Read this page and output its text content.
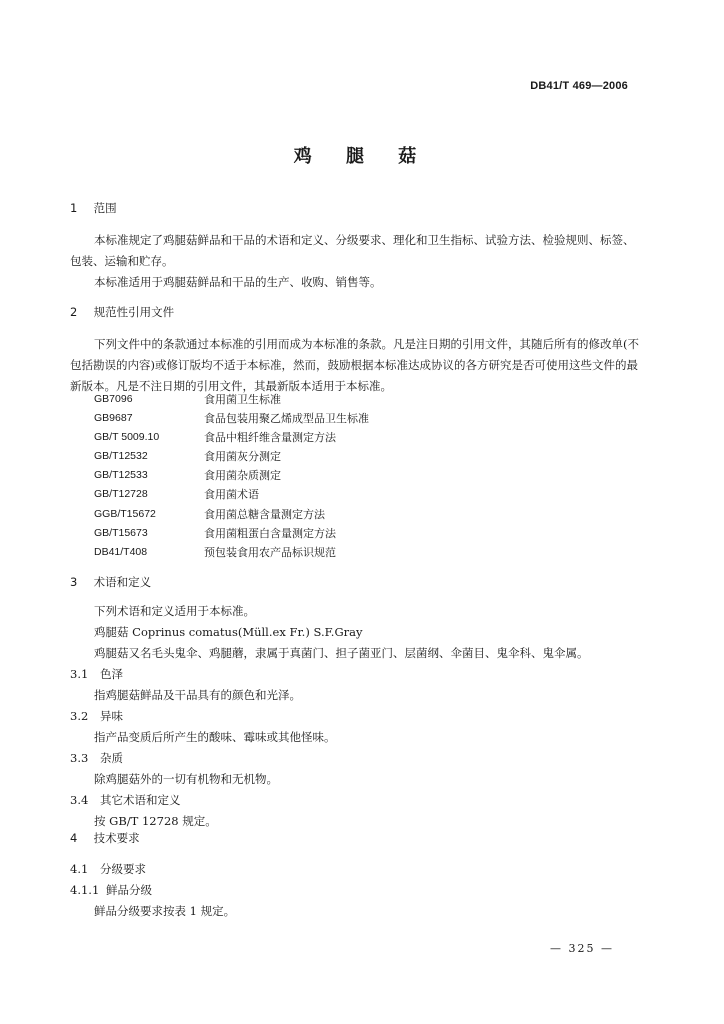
DB41/T 469—2006
鸡 腿 菇
1 范围
本标准规定了鸡腿菇鲜品和干品的术语和定义、分级要求、理化和卫生指标、试验方法、检验规则、标签、包装、运输和贮存。
本标准适用于鸡腿菇鲜品和干品的生产、收购、销售等。
2 规范性引用文件
下列文件中的条款通过本标准的引用而成为本标准的条款。凡是注日期的引用文件，其随后所有的修改单(不包括勘误的内容)或修订版均不适于本标准，然而，鼓励根据本标准达成协议的各方研究是否可使用这些文件的最新版本。凡是不注日期的引用文件，其最新版本适用于本标准。
GB7096	食用菌卫生标准
GB9687	食品包装用聚乙烯成型品卫生标准
GB/T 5009.10	食品中粗纤维含量测定方法
GB/T12532	食用菌灰分测定
GB/T12533	食用菌杂质测定
GB/T12728	食用菌术语
GGB/T15672	食用菌总糖含量测定方法
GB/T15673	食用菌粗蛋白含量测定方法
DB41/T408	预包装食用农产品标识规范
3 术语和定义
下列术语和定义适用于本标准。
鸡腿菇 Coprinus comatus(Müll.ex Fr.) S.F.Gray
鸡腿菇又名毛头鬼伞、鸡腿蘑，隶属于真菌门、担子菌亚门、层菌纲、伞菌目、鬼伞科、鬼伞属。
3.1 色泽
指鸡腿菇鲜品及干品具有的颜色和光泽。
3.2 异味
指产品变质后所产生的酸味、霉味或其他怪味。
3.3 杂质
除鸡腿菇外的一切有机物和无机物。
3.4 其它术语和定义
按 GB/T 12728 规定。
4 技术要求
4.1 分级要求
4.1.1 鲜品分级
鲜品分级要求按表 1 规定。
— 325 —
